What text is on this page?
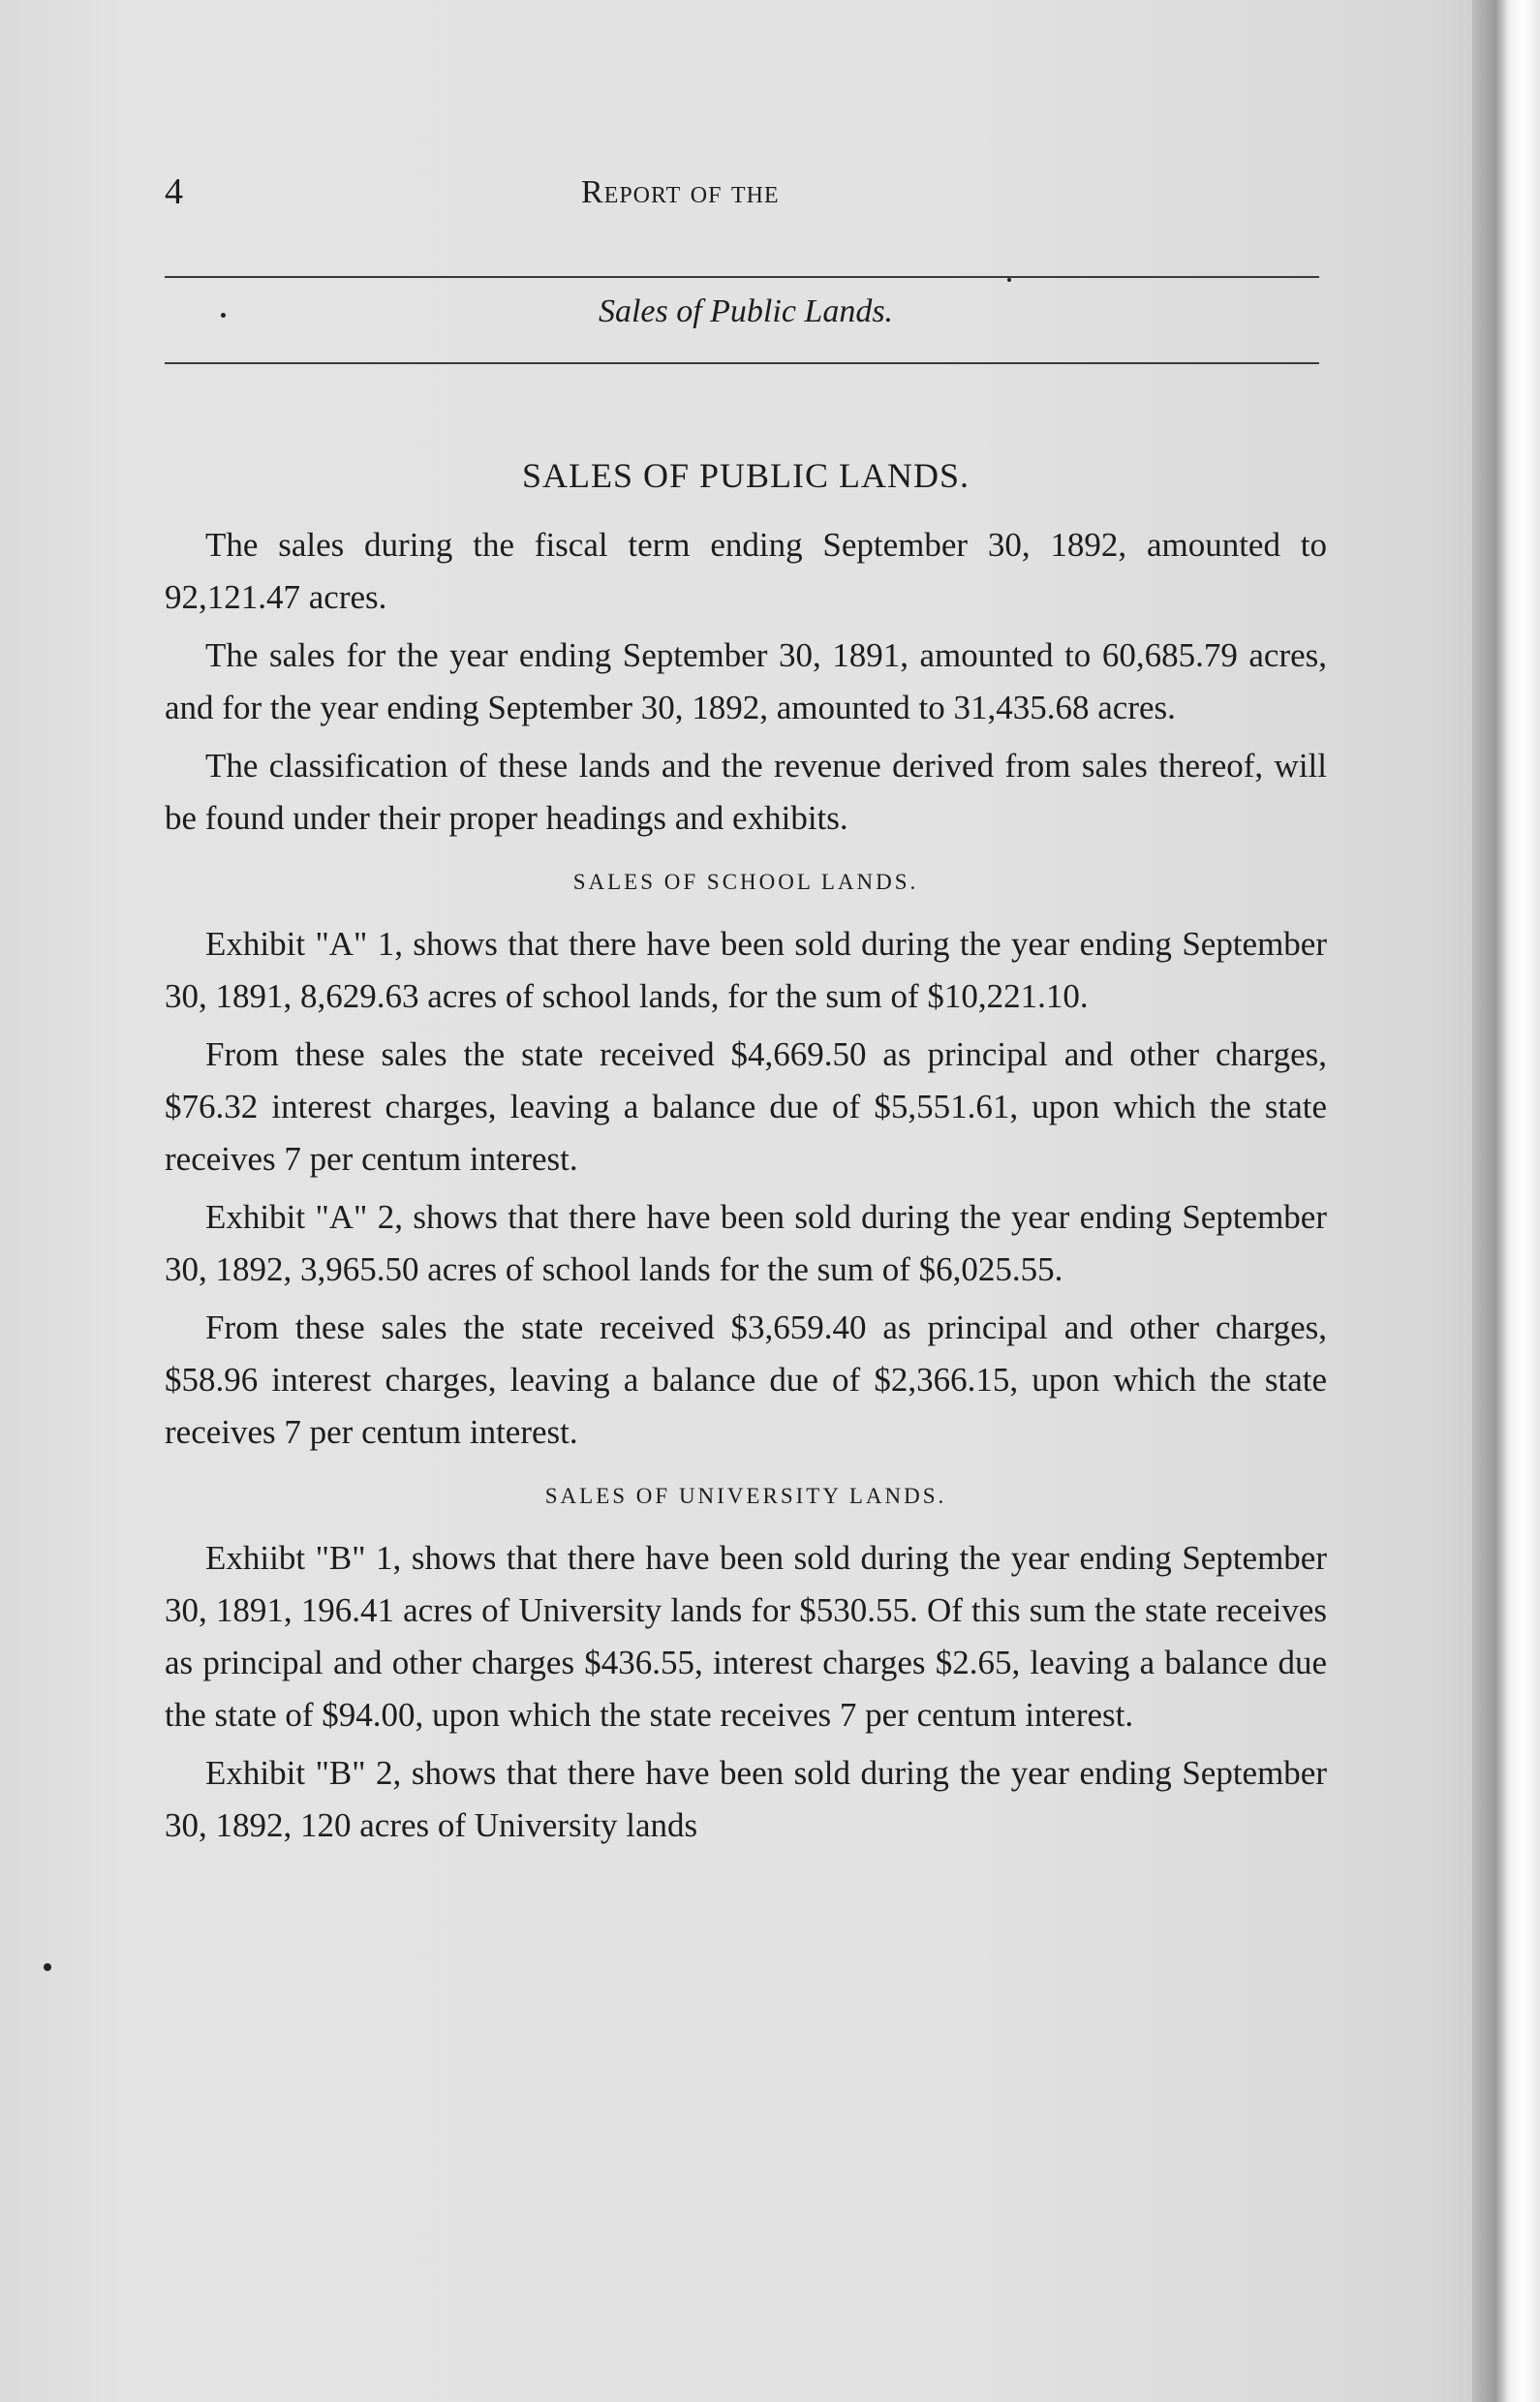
4	Report of the
Sales of Public Lands.
SALES OF PUBLIC LANDS.

The sales during the fiscal term ending September 30, 1892, amounted to 92,121.47 acres.

The sales for the year ending September 30, 1891, amounted to 60,685.79 acres, and for the year ending September 30, 1892, amounted to 31,435.68 acres.

The classification of these lands and the revenue derived from sales thereof, will be found under their proper headings and exhibits.

SALES OF SCHOOL LANDS.

Exhibit "A" 1, shows that there have been sold during the year ending September 30, 1891, 8,629.63 acres of school lands, for the sum of $10,221.10.

From these sales the state received $4,669.50 as principal and other charges, $76.32 interest charges, leaving a balance due of $5,551.61, upon which the state receives 7 per centum interest.

Exhibit "A" 2, shows that there have been sold during the year ending September 30, 1892, 3,965.50 acres of school lands for the sum of $6,025.55.

From these sales the state received $3,659.40 as principal and other charges, $58.96 interest charges, leaving a balance due of $2,366.15, upon which the state receives 7 per centum interest.

SALES OF UNIVERSITY LANDS.

Exhiibt "B" 1, shows that there have been sold during the year ending September 30, 1891, 196.41 acres of University lands for $530.55. Of this sum the state receives as principal and other charges $436.55, interest charges $2.65, leaving a balance due the state of $94.00, upon which the state receives 7 per centum interest.

Exhibit "B" 2, shows that there have been sold during the year ending September 30, 1892, 120 acres of University lands
